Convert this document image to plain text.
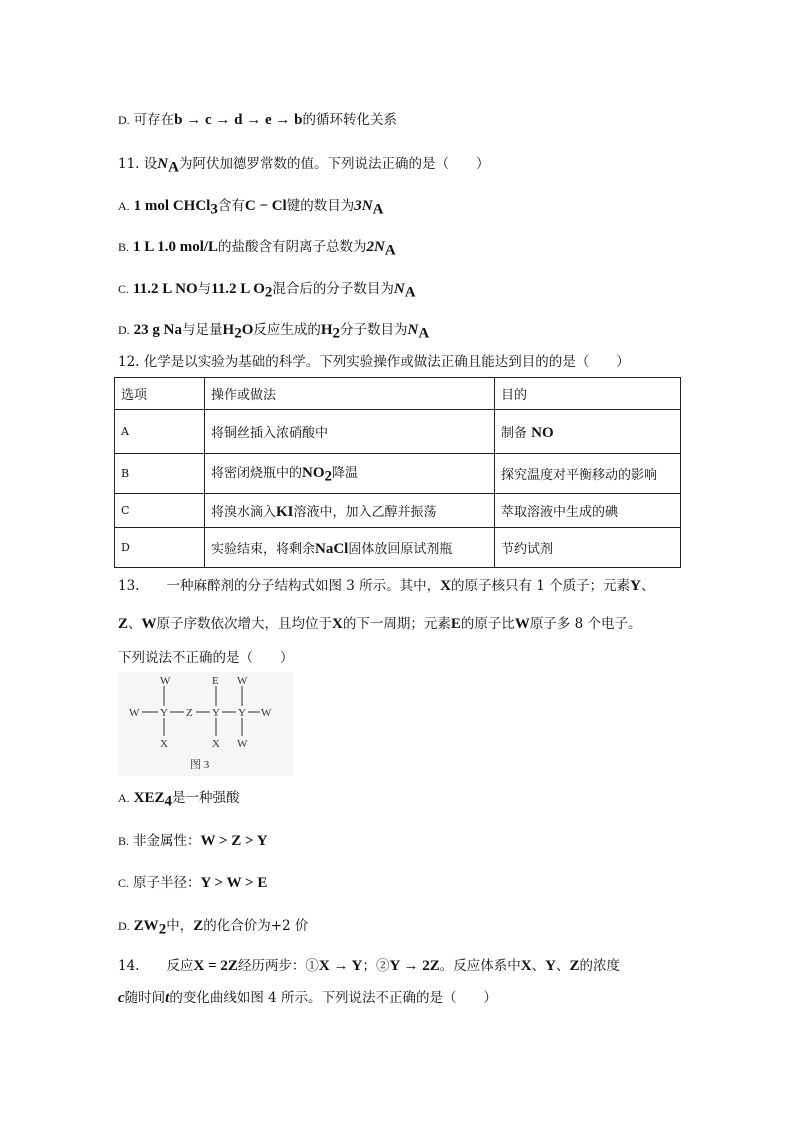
D. 可存在b → c → d → e → b的循环转化关系
11. 设$N_A$为阿伏加德罗常数的值。下列说法正确的是（　　）
A. 1 mol CHCl$_3$含有C − Cl键的数目为$3N_A$
B. 1 L 1.0 mol/L的盐酸含有阴离子总数为$2N_A$
C. 11.2 L NO与11.2 L $O_2$混合后的分子数目为$N_A$
D. 23 g Na与足量$H_2O$反应生成的$H_2$分子数目为$N_A$
12. 化学是以实验为基础的科学。下列实验操作或做法正确且能达到目的的是（　　）
选项	操作或做法	目的
A	将铜丝插入浓硝酸中	制备 NO
B	将密闭烧瓶中的$NO_2$降温	探究温度对平衡移动的影响
C	将溴水滴入KI溶液中，加入乙醇并振荡	萃取溶液中生成的碘
D	实验结束，将剩余NaCl固体放回原试剂瓶	节约试剂
13.　　一种麻醉剂的分子结构式如图 3 所示。其中，X的原子核只有 1 个质子；元素Y、
Z、W原子序数依次增大，且均位于X的下一周期；元素E的原子比W原子多 8 个电子。
下列说法不正确的是（　　）
W	E W
W Y Z Y Y W
X	X W
图 3
A. $XEZ_4$是一种强酸
B. 非金属性：W > Z > Y
C. 原子半径：Y > W > E
D. $ZW_2$中，Z的化合价为+2 价
14.　　反应X = 2Z经历两步：①X → Y；②Y → 2Z。反应体系中X、Y、Z的浓度
c随时间t的变化曲线如图 4 所示。下列说法不正确的是（　　）
